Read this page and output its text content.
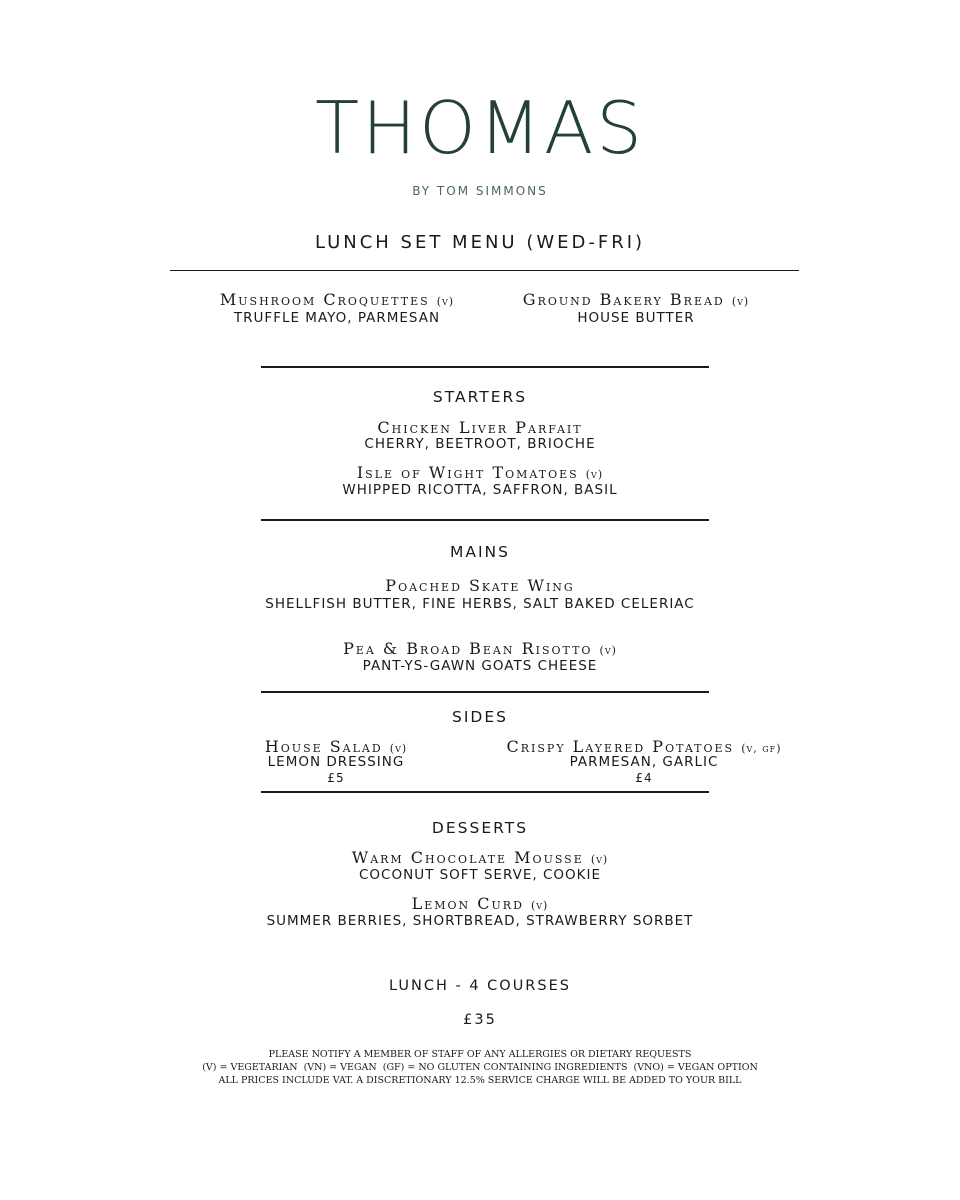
THOMAS
BY TOM SIMMONS
LUNCH SET MENU (WED-FRI)
Mushroom Croquettes (v)
TRUFFLE MAYO, PARMESAN
Ground Bakery Bread (v)
HOUSE BUTTER
STARTERS
Chicken Liver Parfait
CHERRY, BEETROOT, BRIOCHE
Isle of Wight Tomatoes (v)
WHIPPED RICOTTA, SAFFRON, BASIL
MAINS
Poached Skate Wing
SHELLFISH BUTTER, FINE HERBS, SALT BAKED CELERIAC
Pea & Broad Bean Risotto (v)
PANT-YS-GAWN GOATS CHEESE
SIDES
House Salad (v)
LEMON DRESSING
£5
Crispy Layered Potatoes (v, gf)
PARMESAN, GARLIC
£4
DESSERTS
Warm Chocolate Mousse (v)
COCONUT SOFT SERVE, COOKIE
Lemon Curd (v)
SUMMER BERRIES, SHORTBREAD, STRAWBERRY SORBET
LUNCH - 4 COURSES
£35
PLEASE NOTIFY A MEMBER OF STAFF OF ANY ALLERGIES OR DIETARY REQUESTS
(V) = VEGETARIAN  (VN) = VEGAN  (GF) = NO GLUTEN CONTAINING INGREDIENTS  (VNO) = VEGAN OPTION
ALL PRICES INCLUDE VAT. A DISCRETIONARY 12.5% SERVICE CHARGE WILL BE ADDED TO YOUR BILL
